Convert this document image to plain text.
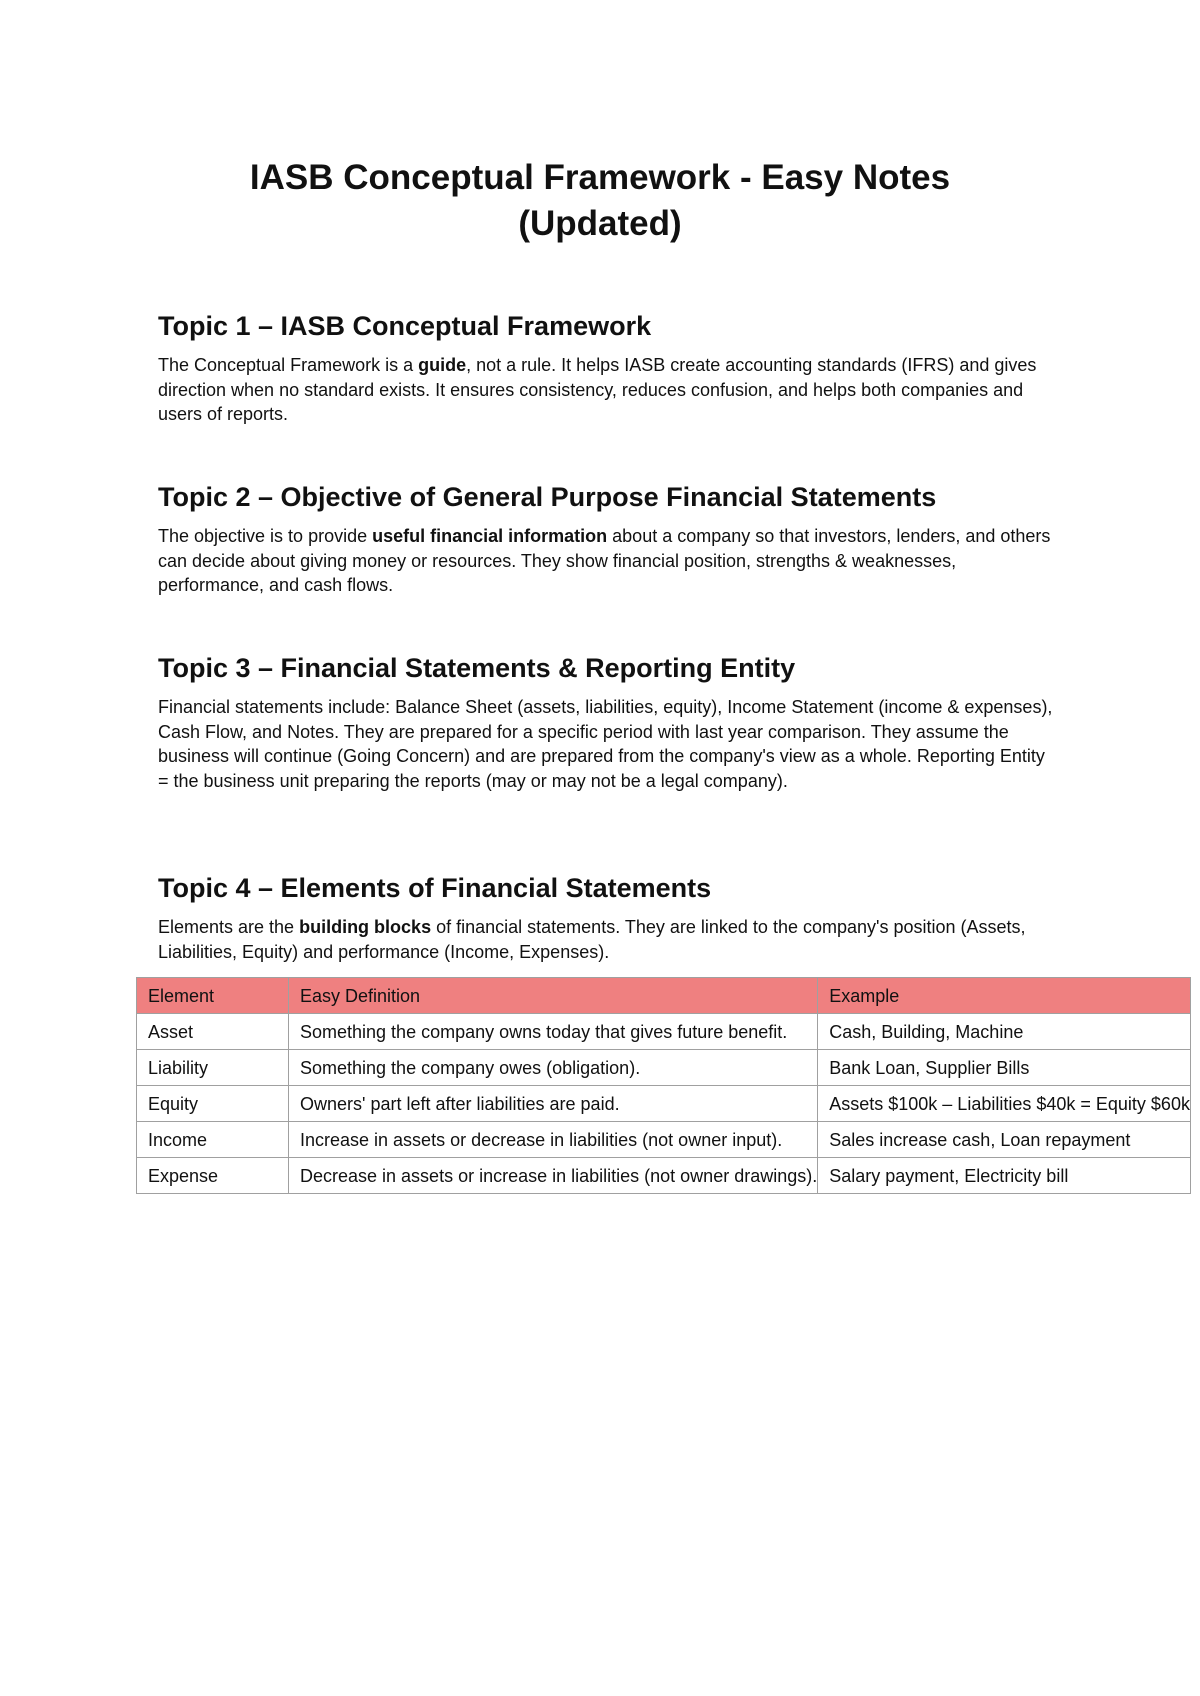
IASB Conceptual Framework - Easy Notes
(Updated)
Topic 1 – IASB Conceptual Framework

The Conceptual Framework is a guide, not a rule. It helps IASB create accounting standards (IFRS) and gives direction when no standard exists. It ensures consistency, reduces confusion, and helps both companies and users of reports.

Topic 2 – Objective of General Purpose Financial Statements

The objective is to provide useful financial information about a company so that investors, lenders, and others can decide about giving money or resources. They show financial position, strengths & weaknesses, performance, and cash flows.

Topic 3 – Financial Statements & Reporting Entity

Financial statements include: Balance Sheet (assets, liabilities, equity), Income Statement (income & expenses), Cash Flow, and Notes. They are prepared for a specific period with last year comparison. They assume the business will continue (Going Concern) and are prepared from the company's view as a whole. Reporting Entity = the business unit preparing the reports (may or may not be a legal company).

Topic 4 – Elements of Financial Statements

Elements are the building blocks of financial statements. They are linked to the company's position (Assets, Liabilities, Equity) and performance (Income, Expenses).

Element	Easy Definition	Example
Asset	Something the company owns today that gives future benefit.	Cash, Building, Machine
Liability	Something the company owes (obligation).	Bank Loan, Supplier Bills
Equity	Owners' part left after liabilities are paid.	Assets $100k – Liabilities $40k = Equity $60k
Income	Increase in assets or decrease in liabilities (not owner input).	Sales increase cash, Loan repayment
Expense	Decrease in assets or increase in liabilities (not owner drawings).	Salary payment, Electricity bill
